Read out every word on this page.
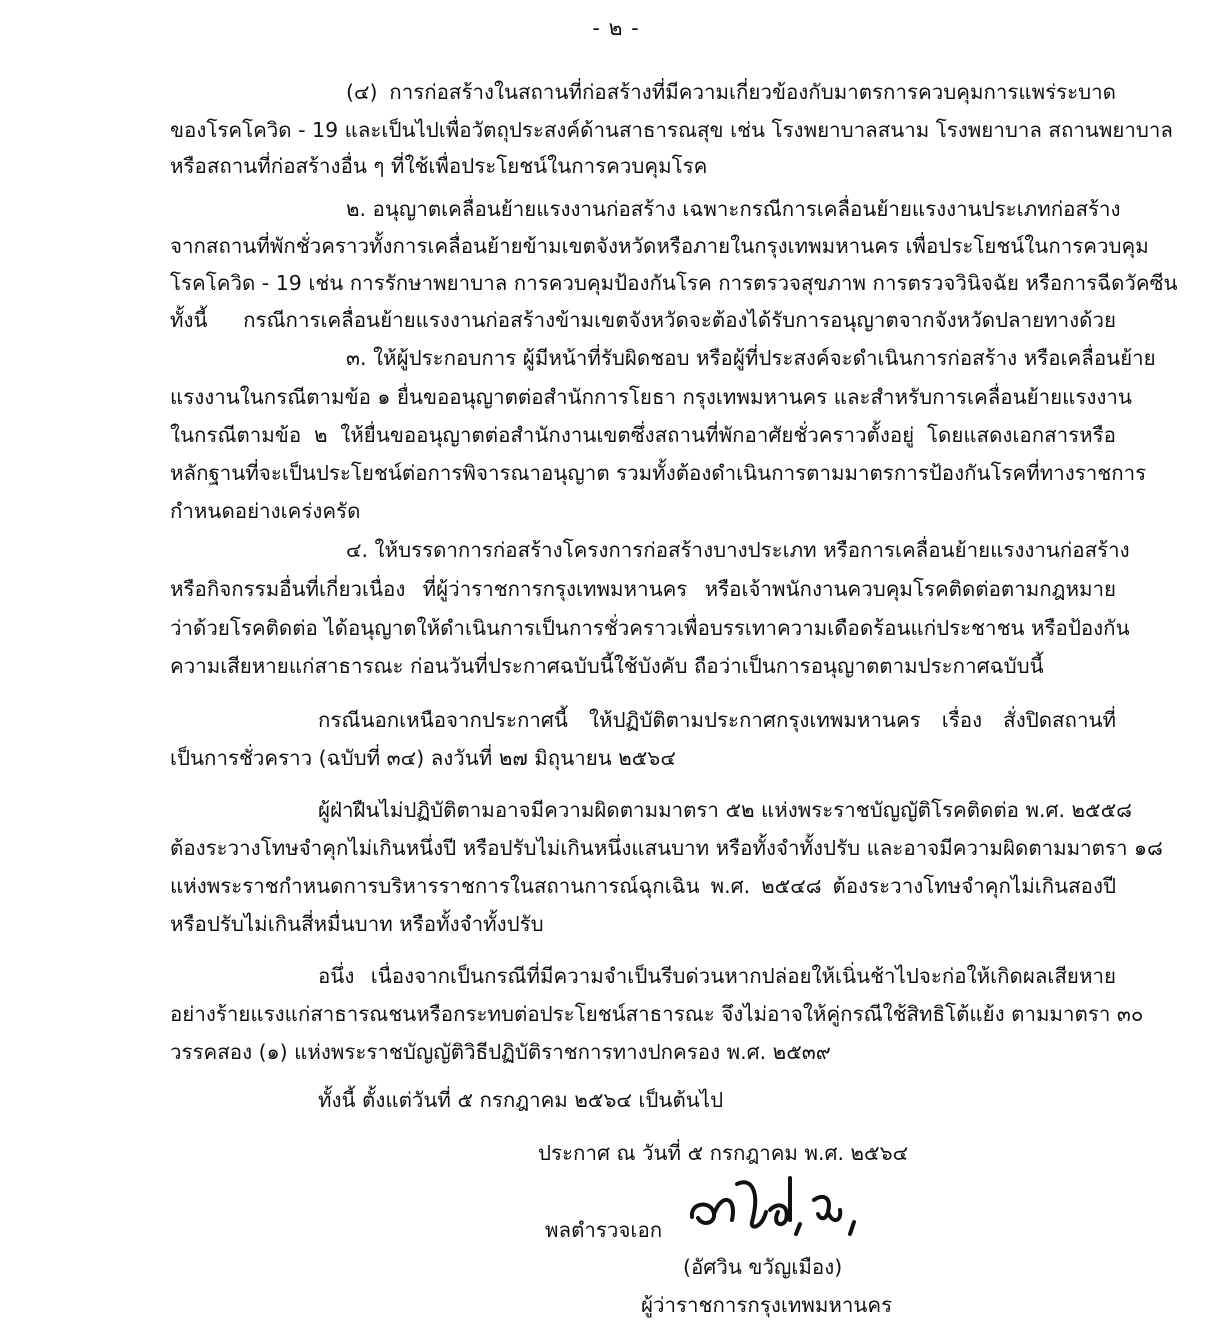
- ๒ -
(๔) การก่อสร้างในสถานที่ก่อสร้างที่มีความเกี่ยวข้องกับมาตรการควบคุมการแพร่ระบาด
ของโรคโควิด - 19 และเป็นไปเพื่อวัตถุประสงค์ด้านสาธารณสุข เช่น โรงพยาบาลสนาม โรงพยาบาล สถานพยาบาล
หรือสถานที่ก่อสร้างอื่น ๆ ที่ใช้เพื่อประโยชน์ในการควบคุมโรค
๒. อนุญาตเคลื่อนย้ายแรงงานก่อสร้าง เฉพาะกรณีการเคลื่อนย้ายแรงงานประเภทก่อสร้าง
จากสถานที่พักชั่วคราวทั้งการเคลื่อนย้ายข้ามเขตจังหวัดหรือภายในกรุงเทพมหานคร เพื่อประโยชน์ในการควบคุม
โรคโควิด - 19 เช่น การรักษาพยาบาล การควบคุมป้องกันโรค การตรวจสุขภาพ การตรวจวินิจฉัย หรือการฉีดวัคซีน
ทั้งนี้ กรณีการเคลื่อนย้ายแรงงานก่อสร้างข้ามเขตจังหวัดจะต้องได้รับการอนุญาตจากจังหวัดปลายทางด้วย
๓. ให้ผู้ประกอบการ ผู้มีหน้าที่รับผิดชอบ หรือผู้ที่ประสงค์จะดำเนินการก่อสร้าง หรือเคลื่อนย้าย
แรงงานในกรณีตามข้อ ๑ ยื่นขออนุญาตต่อสำนักการโยธา กรุงเทพมหานคร และสำหรับการเคลื่อนย้ายแรงงาน
ในกรณีตามข้อ ๒ ให้ยื่นขออนุญาตต่อสำนักงานเขตซึ่งสถานที่พักอาศัยชั่วคราวตั้งอยู่ โดยแสดงเอกสารหรือ
หลักฐานที่จะเป็นประโยชน์ต่อการพิจารณาอนุญาต รวมทั้งต้องดำเนินการตามมาตรการป้องกันโรคที่ทางราชการ
กำหนดอย่างเคร่งครัด
๔. ให้บรรดาการก่อสร้างโครงการก่อสร้างบางประเภท หรือการเคลื่อนย้ายแรงงานก่อสร้าง
หรือกิจกรรมอื่นที่เกี่ยวเนื่อง ที่ผู้ว่าราชการกรุงเทพมหานคร หรือเจ้าพนักงานควบคุมโรคติดต่อตามกฎหมาย
ว่าด้วยโรคติดต่อ ได้อนุญาตให้ดำเนินการเป็นการชั่วคราวเพื่อบรรเทาความเดือดร้อนแก่ประชาชน หรือป้องกัน
ความเสียหายแก่สาธารณะ ก่อนวันที่ประกาศฉบับนี้ใช้บังคับ ถือว่าเป็นการอนุญาตตามประกาศฉบับนี้
กรณีนอกเหนือจากประกาศนี้ ให้ปฏิบัติตามประกาศกรุงเทพมหานคร เรื่อง สั่งปิดสถานที่
เป็นการชั่วคราว (ฉบับที่ ๓๔) ลงวันที่ ๒๗ มิถุนายน ๒๕๖๔
ผู้ฝ่าฝืนไม่ปฏิบัติตามอาจมีความผิดตามมาตรา ๕๒ แห่งพระราชบัญญัติโรคติดต่อ พ.ศ. ๒๕๕๘
ต้องระวางโทษจำคุกไม่เกินหนึ่งปี หรือปรับไม่เกินหนึ่งแสนบาท หรือทั้งจำทั้งปรับ และอาจมีความผิดตามมาตรา ๑๘
แห่งพระราชกำหนดการบริหารราชการในสถานการณ์ฉุกเฉิน พ.ศ. ๒๕๔๘ ต้องระวางโทษจำคุกไม่เกินสองปี
หรือปรับไม่เกินสี่หมื่นบาท หรือทั้งจำทั้งปรับ
อนึ่ง เนื่องจากเป็นกรณีที่มีความจำเป็นรีบด่วนหากปล่อยให้เนิ่นช้าไปจะก่อให้เกิดผลเสียหาย
อย่างร้ายแรงแก่สาธารณชนหรือกระทบต่อประโยชน์สาธารณะ จึงไม่อาจให้คู่กรณีใช้สิทธิโต้แย้ง ตามมาตรา ๓๐
วรรคสอง (๑) แห่งพระราชบัญญัติวิธีปฏิบัติราชการทางปกครอง พ.ศ. ๒๕๓๙
ทั้งนี้ ตั้งแต่วันที่ ๕ กรกฎาคม ๒๕๖๔ เป็นต้นไป
ประกาศ ณ วันที่ ๕ กรกฎาคม พ.ศ. ๒๕๖๔
พลตำรวจเอก
(อัศวิน ขวัญเมือง)
ผู้ว่าราชการกรุงเทพมหานคร
